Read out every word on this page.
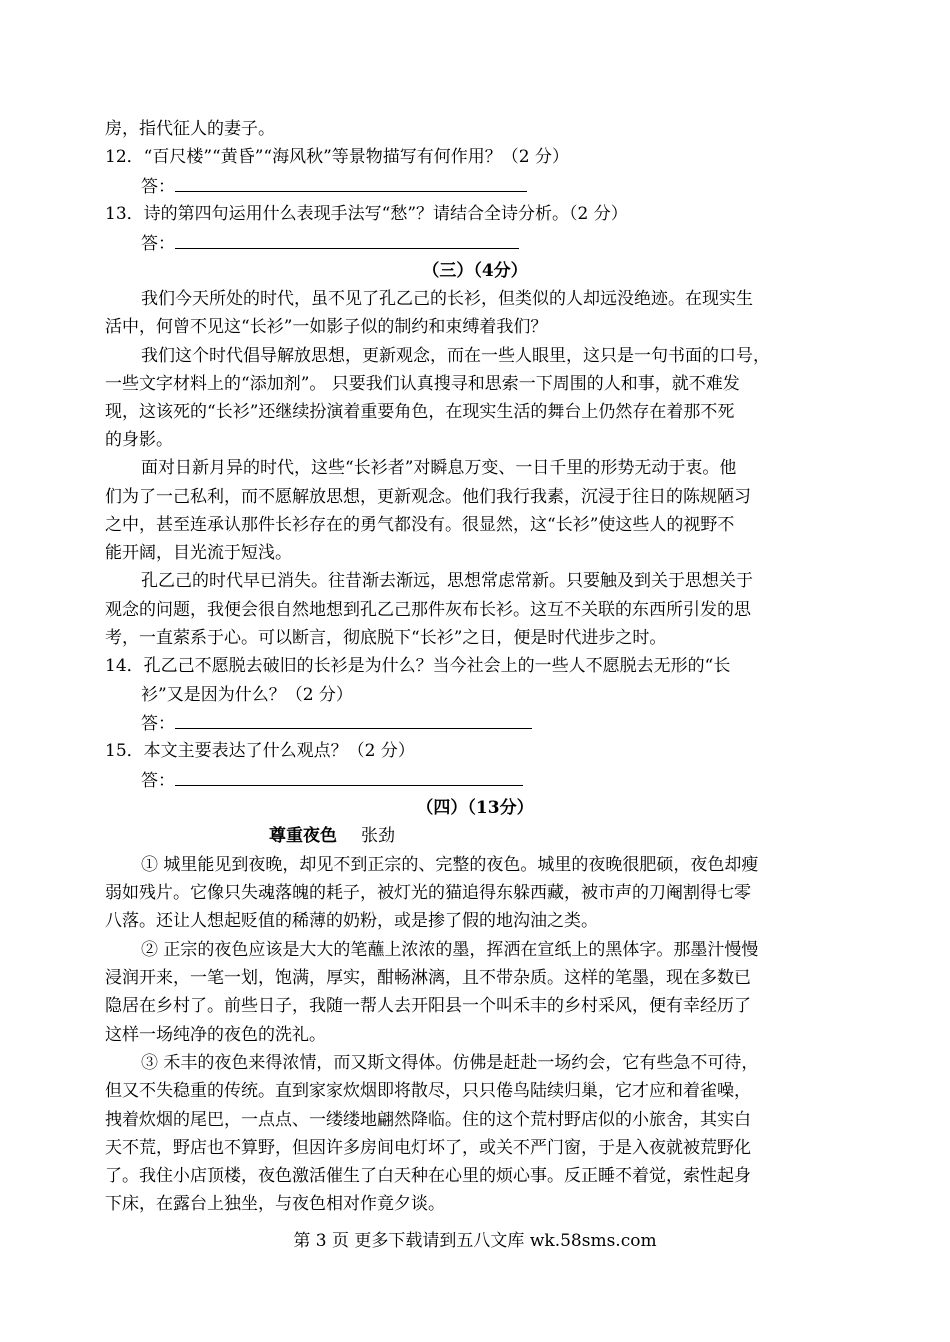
房，指代征人的妻子。
12．“百尺楼”“黄昏”“海风秋”等景物描写有何作用？（2 分）
答：
13．诗的第四句运用什么表现手法写“愁”？请结合全诗分析。（2 分）
答：
（三）（4分）
我们今天所处的时代，虽不见了孔乙己的长衫，但类似的人却远没绝迹。在现实生
活中，何曾不见这“长衫”一如影子似的制约和束缚着我们？
我们这个时代倡导解放思想，更新观念，而在一些人眼里，这只是一句书面的口号，
一些文字材料上的“添加剂”。 只要我们认真搜寻和思索一下周围的人和事，就不难发
现，这该死的“长衫”还继续扮演着重要角色，在现实生活的舞台上仍然存在着那不死
的身影。
面对日新月异的时代，这些“长衫者”对瞬息万变、一日千里的形势无动于衷。他
们为了一己私利，而不愿解放思想，更新观念。他们我行我素，沉浸于往日的陈规陋习
之中，甚至连承认那件长衫存在的勇气都没有。很显然，这“长衫”使这些人的视野不
能开阔，目光流于短浅。
孔乙己的时代早已消失。往昔渐去渐远，思想常虑常新。只要触及到关于思想关于
观念的问题，我便会很自然地想到孔乙己那件灰布长衫。这互不关联的东西所引发的思
考，一直萦系于心。可以断言，彻底脱下“长衫”之日，便是时代进步之时。
14．孔乙己不愿脱去破旧的长衫是为什么？当今社会上的一些人不愿脱去无形的“长
衫”又是因为什么？（2 分）
答：
15．本文主要表达了什么观点？（2 分）
答：
（四）（13分）
尊重夜色 张劲
① 城里能见到夜晚，却见不到正宗的、完整的夜色。城里的夜晚很肥硕，夜色却瘦
弱如残片。它像只失魂落魄的耗子，被灯光的猫追得东躲西藏，被市声的刀阉割得七零
八落。还让人想起贬值的稀薄的奶粉，或是掺了假的地沟油之类。
② 正宗的夜色应该是大大的笔蘸上浓浓的墨，挥洒在宣纸上的黑体字。那墨汁慢慢
浸润开来，一笔一划，饱满，厚实，酣畅淋漓，且不带杂质。这样的笔墨，现在多数已
隐居在乡村了。前些日子，我随一帮人去开阳县一个叫禾丰的乡村采风，便有幸经历了
这样一场纯净的夜色的洗礼。
③ 禾丰的夜色来得浓情，而又斯文得体。仿佛是赶赴一场约会，它有些急不可待，
但又不失稳重的传统。直到家家炊烟即将散尽，只只倦鸟陆续归巢，它才应和着雀噪，
拽着炊烟的尾巴，一点点、一缕缕地翩然降临。住的这个荒村野店似的小旅舍，其实白
天不荒，野店也不算野，但因许多房间电灯坏了，或关不严门窗，于是入夜就被荒野化
了。我住小店顶楼，夜色激活催生了白天种在心里的烦心事。反正睡不着觉，索性起身
下床，在露台上独坐，与夜色相对作竟夕谈。
第 3 页 更多下载请到五八文库 wk.58sms.com
